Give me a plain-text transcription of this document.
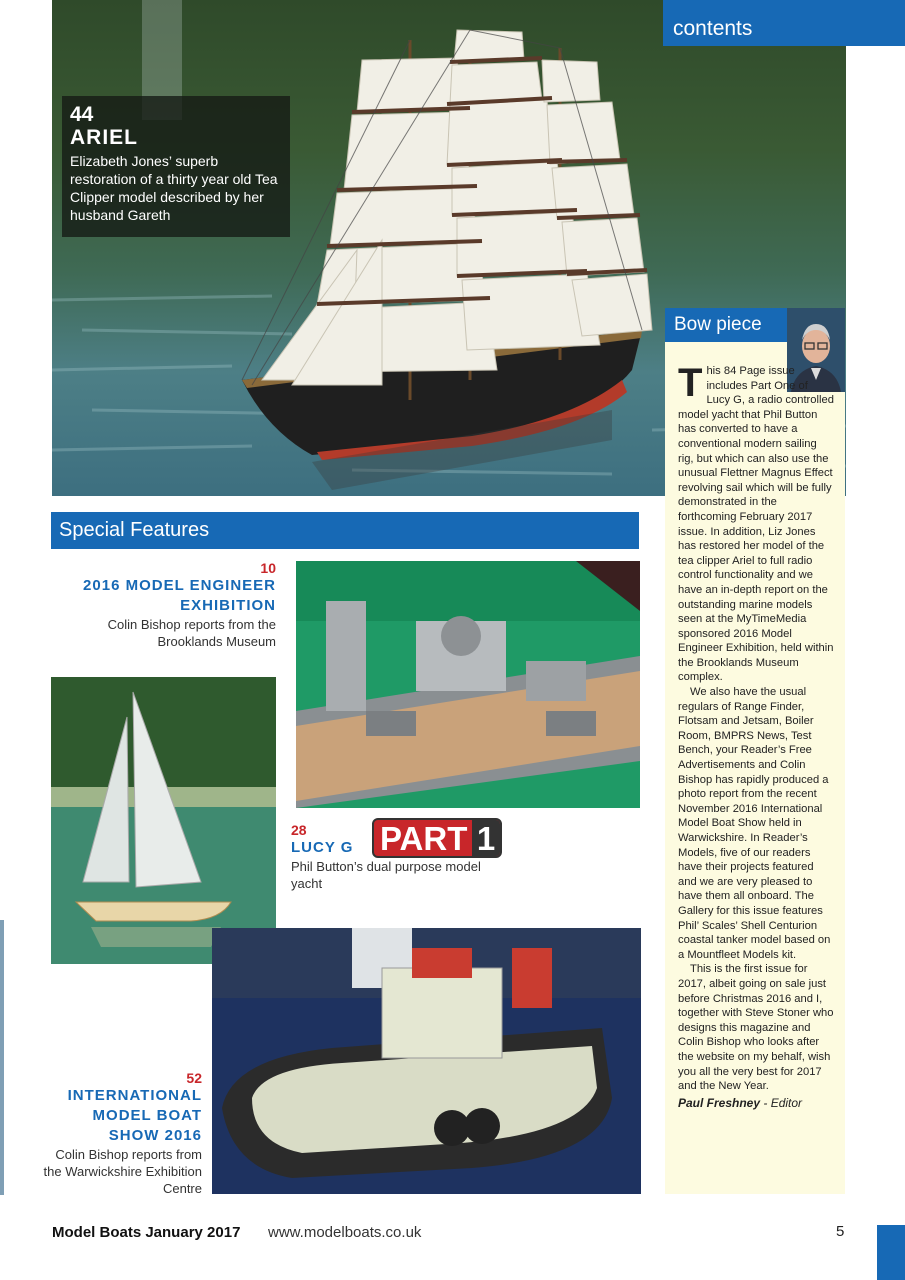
contents
44
ARIEL
Elizabeth Jones’ superb restoration of a thirty year old Tea Clipper model described by her husband Gareth
Bow piece
T his 84 Page issue includes Part One of Lucy G, a radio controlled model yacht that Phil Button has converted to have a conventional modern sailing rig, but which can also use the unusual Flettner Magnus Effect revolving sail which will be fully demonstrated in the forthcoming February 2017 issue. In addition, Liz Jones has restored her model of the tea clipper Ariel to full radio control functionality and we have an in-depth report on the outstanding marine models seen at the MyTimeMedia sponsored 2016 Model Engineer Exhibition, held within the Brooklands Museum complex.

We also have the usual regulars of Range Finder, Flotsam and Jetsam, Boiler Room, BMPRS News, Test Bench, your Reader’s Free Advertisements and Colin Bishop has rapidly produced a photo report from the recent November 2016 International Model Boat Show held in Warwickshire. In Reader’s Models, five of our readers have their projects featured and we are very pleased to have them all onboard. The Gallery for this issue features Phil’ Scales’ Shell Centurion coastal tanker model based on a Mountfleet Models kit.

This is the first issue for 2017, albeit going on sale just before Christmas 2016 and I, together with Steve Stoner who designs this magazine and Colin Bishop who looks after the website on my behalf, wish you all the very best for 2017 and the New Year.

Paul Freshney - Editor
Special Features
10
2016 MODEL ENGINEER EXHIBITION
Colin Bishop reports from the Brooklands Museum
28
LUCY G
Phil Button’s dual purpose model yacht
PART 1
52
INTERNATIONAL MODEL BOAT SHOW 2016
Colin Bishop reports from the Warwickshire Exhibition Centre
Model Boats January 2017 www.modelboats.co.uk	5
